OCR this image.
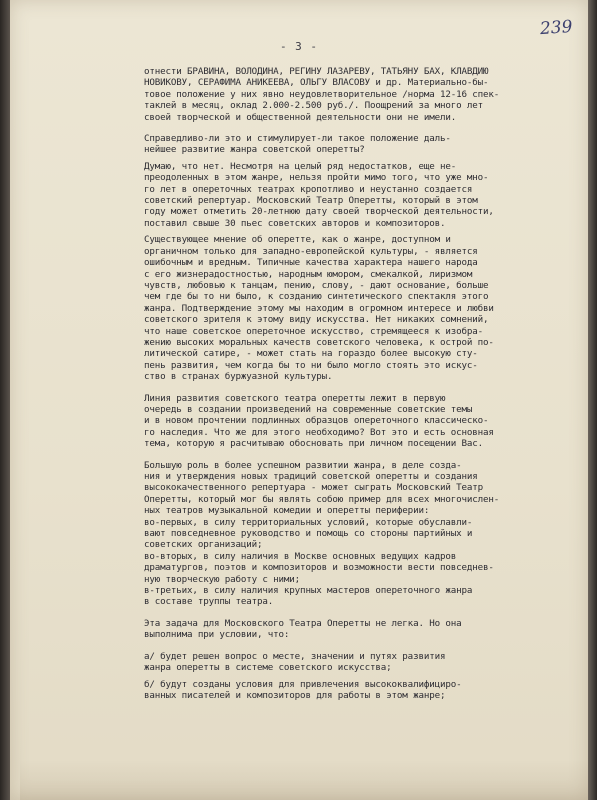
- 3 -
239

отнести БРАВИНА, ВОЛОДИНА, РЕГИНУ ЛАЗАРЕВУ, ТАТЬЯНУ БАХ, КЛАВДИЮ
НОВИКОВУ, СЕРАФИМА АНИКЕЕВА, ОЛЬГУ ВЛАСОВУ и др. Материально-бы-
товое положение у них явно неудовлетворительное /норма 12-16 спек-
таклей в месяц, оклад 2.000-2.500 руб./. Поощрений за много лет
своей творческой и общественной деятельности они не имели.

Справедливо-ли это и стимулирует-ли такое положение даль-
нейшее развитие жанра советской оперетты?

Думаю, что нет. Несмотря на целый ряд недостатков, еще не-
преодоленных в этом жанре, нельзя пройти мимо того, что уже мно-
го лет в опереточных театрах кропотливо и неустанно создается
советский репертуар. Московский Театр Оперетты, который в этом
году может отметить 20-летнюю дату своей творческой деятельности,
поставил свыше 30 пьес советских авторов и композиторов.

Существующее мнение об оперетте, как о жанре, доступном и
органичном только для западно-европейской культуры, - является
ошибочным и вредным. Типичные качества характера нашего народа
с его жизнерадостностью, народным юмором, смекалкой, лиризмом
чувств, любовью к танцам, пению, слову, - дают основание, больше
чем где бы то ни было, к созданию синтетического спектакля этого
жанра. Подтверждение этому мы находим в огромном интересе и любви
советского зрителя к этому виду искусства. Нет никаких сомнений,
что наше советское опереточное искусство, стремящееся к изобра-
жению высоких моральных качеств советского человека, к острой по-
литической сатире, - может стать на гораздо более высокую сту-
пень развития, чем когда бы то ни было могло стоять это искус-
ство в странах буржуазной культуры.

Линия развития советского театра оперетты лежит в первую
очередь в создании произведений на современные советские темы
и в новом прочтении подлинных образцов опереточного классическо-
го наследия. Что же для этого необходимо? Вот это и есть основная
тема, которую я расчитываю обосновать при личном посещении Вас.

Большую роль в более успешном развитии жанра, в деле созда-
ния и утверждения новых традиций советской оперетты и создания
высококачественного репертуара - может сыграть Московский Театр
Оперетты, который мог бы являть собою пример для всех многочислен-
ных театров музыкальной комедии и оперетты периферии:
во-первых, в силу территориальных условий, которые обуславли-
вают повседневное руководство и помощь со стороны партийных и
советских организаций;
во-вторых, в силу наличия в Москве основных ведущих кадров
драматургов, поэтов и композиторов и возможности вести повседнев-
ную творческую работу с ними;
в-третьих, в силу наличия крупных мастеров опереточного жанра
в составе труппы театра.

Эта задача для Московского Театра Оперетты не легка. Но она
выполнима при условии, что:

а/ будет решен вопрос о месте, значении и путях развития
жанра оперетты в системе советского искусства;

б/ будут созданы условия для привлечения высококвалифициро-
ванных писателей и композиторов для работы в этом жанре;
